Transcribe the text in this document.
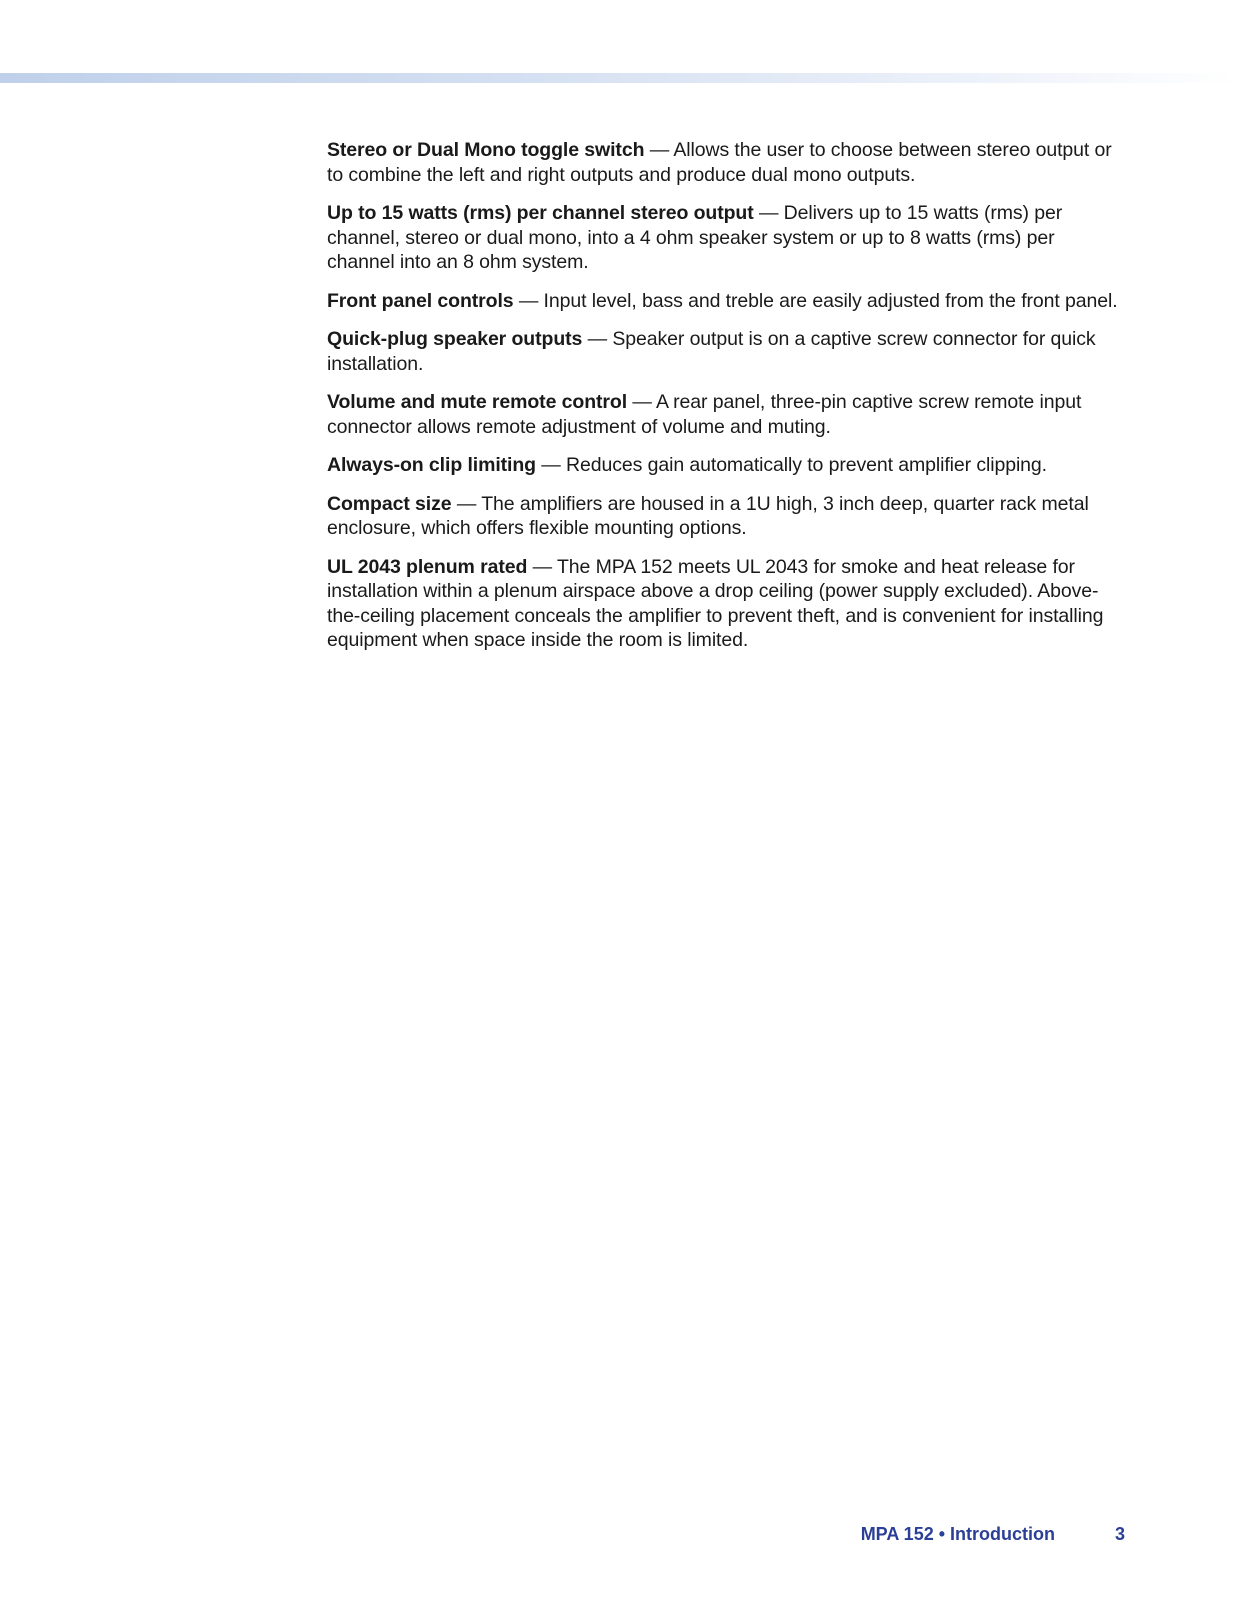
Stereo or Dual Mono toggle switch — Allows the user to choose between stereo output or to combine the left and right outputs and produce dual mono outputs.

Up to 15 watts (rms) per channel stereo output — Delivers up to 15 watts (rms) per channel, stereo or dual mono, into a 4 ohm speaker system or up to 8 watts (rms) per channel into an 8 ohm system.

Front panel controls — Input level, bass and treble are easily adjusted from the front panel.

Quick-plug speaker outputs — Speaker output is on a captive screw connector for quick installation.

Volume and mute remote control — A rear panel, three-pin captive screw remote input connector allows remote adjustment of volume and muting.

Always-on clip limiting — Reduces gain automatically to prevent amplifier clipping.

Compact size — The amplifiers are housed in a 1U high, 3 inch deep, quarter rack metal enclosure, which offers flexible mounting options.

UL 2043 plenum rated — The MPA 152 meets UL 2043 for smoke and heat release for installation within a plenum airspace above a drop ceiling (power supply excluded). Above-the-ceiling placement conceals the amplifier to prevent theft, and is convenient for installing equipment when space inside the room is limited.

MPA 152 • Introduction	3
